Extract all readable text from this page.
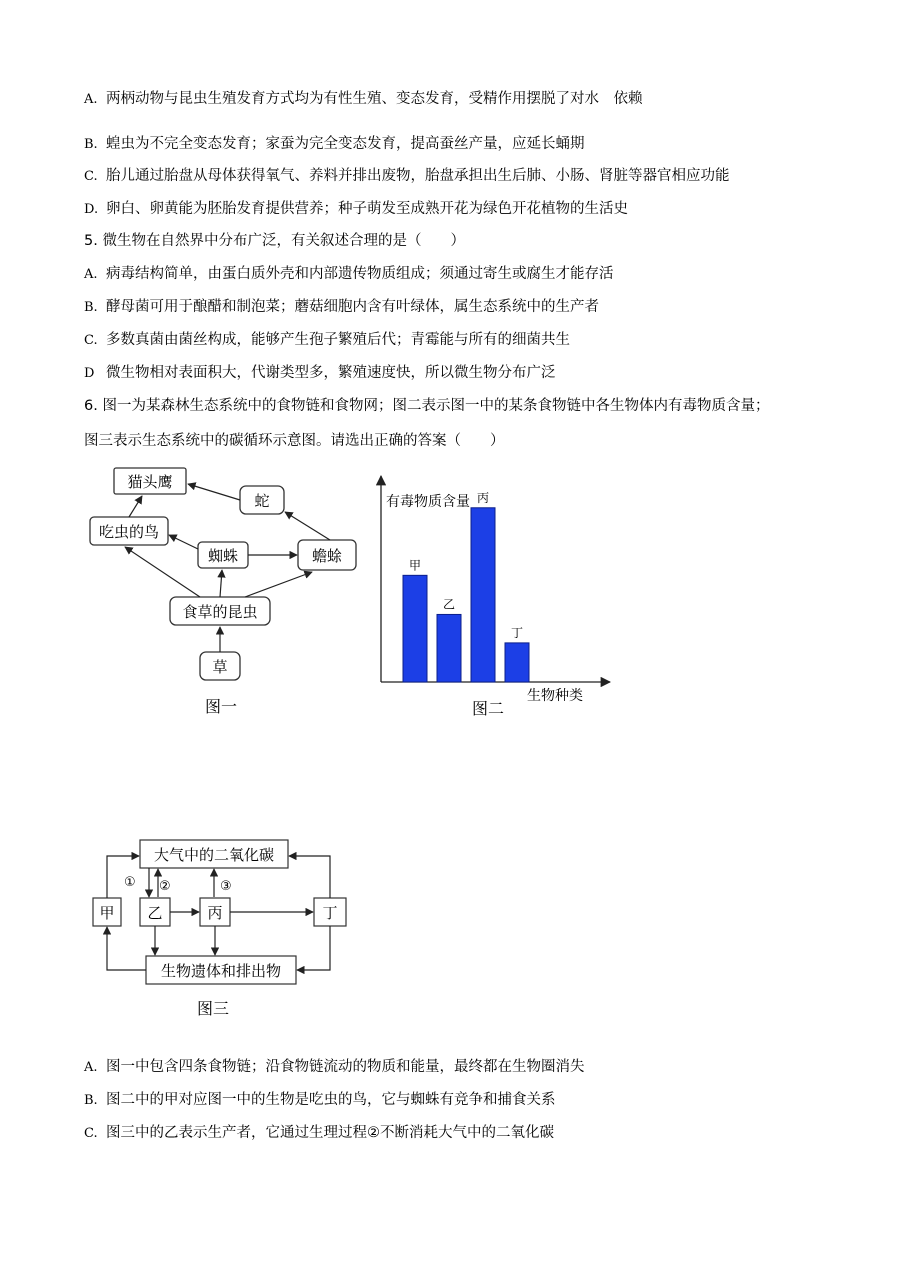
A. 两柄动物与昆虫生殖发育方式均为有性生殖、变态发育，受精作用摆脱了对水　依赖
B. 蝗虫为不完全变态发育；家蚕为完全变态发育，提高蚕丝产量，应延长蛹期
C. 胎儿通过胎盘从母体获得氧气、养料并排出废物，胎盘承担出生后肺、小肠、肾脏等器官相应功能
D. 卵白、卵黄能为胚胎发育提供营养；种子萌发至成熟开花为绿色开花植物的生活史
5. 微生物在自然界中分布广泛，有关叙述合理的是（　　）
A. 病毒结构简单，由蛋白质外壳和内部遗传物质组成；须通过寄生或腐生才能存活
B. 酵母菌可用于酿醋和制泡菜；蘑菇细胞内含有叶绿体，属生态系统中的生产者
C. 多数真菌由菌丝构成，能够产生孢子繁殖后代；青霉能与所有的细菌共生
D 微生物相对表面积大，代谢类型多，繁殖速度快，所以微生物分布广泛
6. 图一为某森林生态系统中的食物链和食物网；图二表示图一中的某条食物链中各生物体内有毒物质含量；
图三表示生态系统中的碳循环示意图。请选出正确的答案（　　）
猫头鹰
蛇
吃虫的鸟
蜘蛛	蟾蜍
食草的昆虫
草
图一
有毒物质含量
生物种类
甲
乙
丙
丁
图二
大气中的二氧化碳
甲 乙	丙	丁
生物遗体和排出物
① ②	③
图三
A. 图一中包含四条食物链；沿食物链流动的物质和能量，最终都在生物圈消失
B. 图二中的甲对应图一中的生物是吃虫的鸟，它与蜘蛛有竞争和捕食关系
C. 图三中的乙表示生产者，它通过生理过程②不断消耗大气中的二氧化碳
